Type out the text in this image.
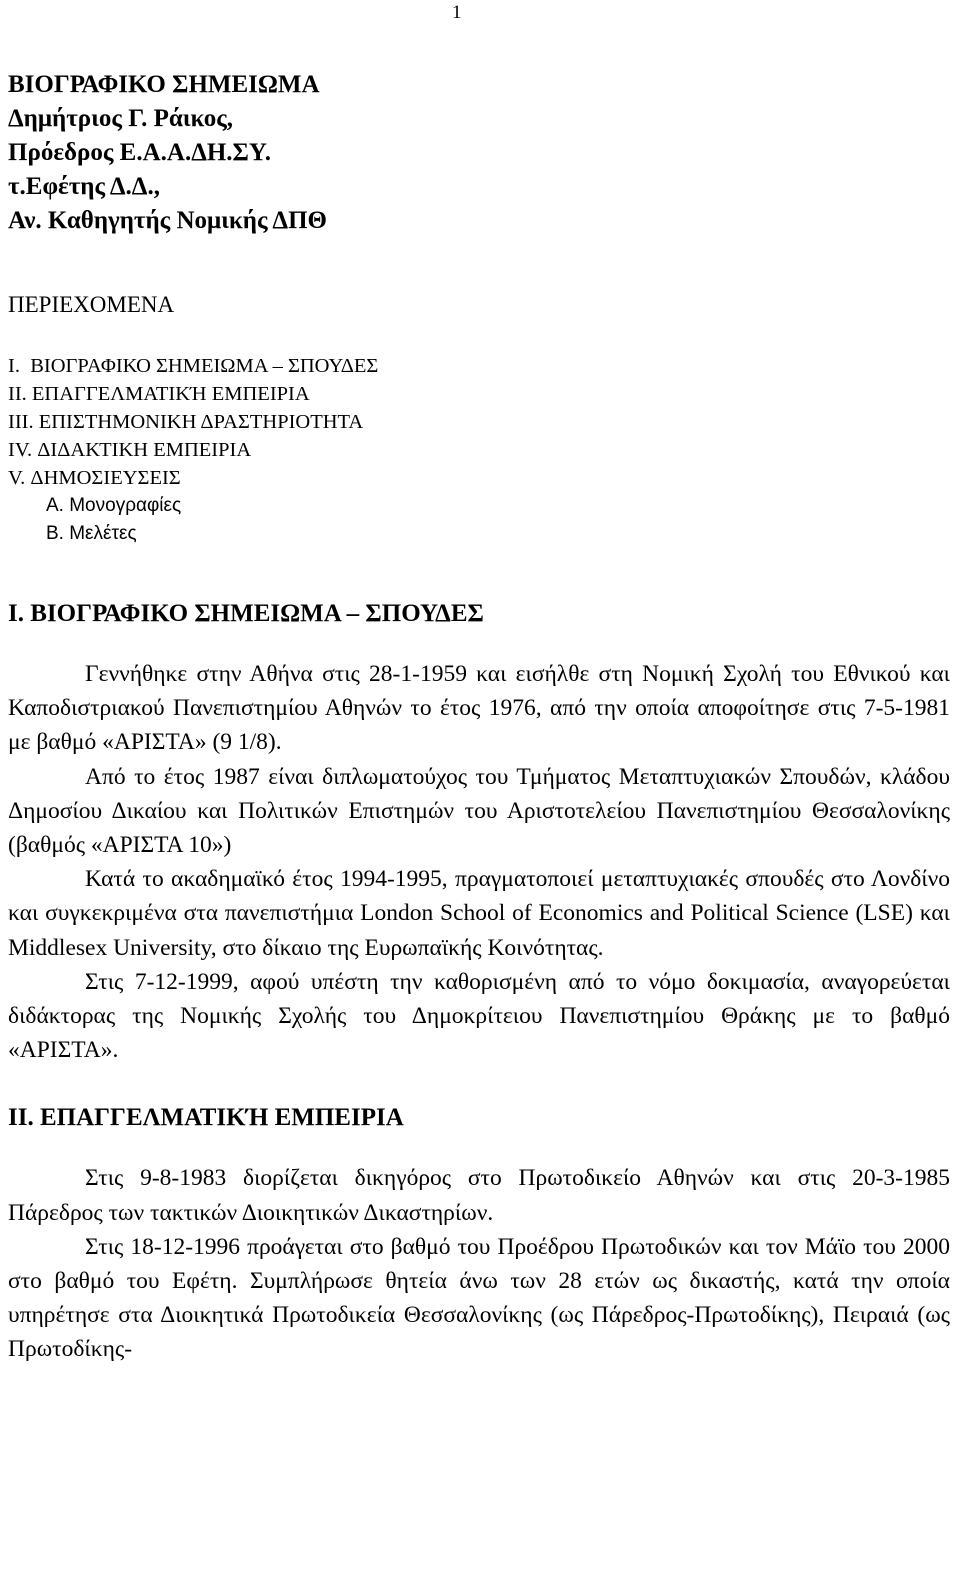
1

ΒΙΟΓΡΑΦΙΚΟ ΣΗΜΕΙΩΜΑ

Δημήτριος Γ. Ράικος,

Πρόεδρος Ε.Α.Α.ΔΗ.ΣΥ.

τ.Εφέτης Δ.Δ.,

Αν. Καθηγητής Νομικής ΔΠΘ

ΠΕΡΙΕΧΟΜΕΝΑ

I.  ΒΙΟΓΡΑΦΙΚΟ ΣΗΜΕΙΩΜΑ – ΣΠΟΥΔΕΣ

II. ΕΠΑΓΓΕΛΜΑΤΙΚΉ ΕΜΠΕΙΡΙΑ

III. ΕΠΙΣΤΗΜΟΝΙΚΗ ΔΡΑΣΤΗΡΙΟΤΗΤΑ

IV. ΔΙΔΑΚΤΙΚΗ ΕΜΠΕΙΡΙΑ

V. ΔΗΜΟΣΙΕΥΣΕΙΣ

Α. Μονογραφίες

Β. Μελέτες

I. ΒΙΟΓΡΑΦΙΚΟ ΣΗΜΕΙΩΜΑ – ΣΠΟΥΔΕΣ

Γεννήθηκε στην Αθήνα στις 28-1-1959 και εισήλθε στη Νομική Σχολή του Εθνικού και Καποδιστριακού Πανεπιστημίου Αθηνών το έτος 1976, από την οποία αποφοίτησε στις 7-5-1981 με βαθμό «ΑΡΙΣΤΑ» (9 1/8).

Από το έτος 1987 είναι διπλωματούχος του Τμήματος Μεταπτυχιακών Σπουδών, κλάδου Δημοσίου Δικαίου και Πολιτικών Επιστημών του Αριστοτελείου Πανεπιστημίου Θεσσαλονίκης (βαθμός «ΑΡΙΣΤΑ 10»)

Κατά το ακαδημαϊκό έτος 1994-1995, πραγματοποιεί μεταπτυχιακές σπουδές στο Λονδίνο και συγκεκριμένα στα πανεπιστήμια London School of Economics and Political Science (LSE) και Middlesex University, στο δίκαιο της Ευρωπαϊκής Κοινότητας.

Στις 7-12-1999, αφού υπέστη την καθορισμένη από το νόμο δοκιμασία, αναγορεύεται διδάκτορας της Νομικής Σχολής του Δημοκρίτειου Πανεπιστημίου Θράκης με το βαθμό «ΑΡΙΣΤΑ».

II. ΕΠΑΓΓΕΛΜΑΤΙΚΉ ΕΜΠΕΙΡΙΑ

Στις 9-8-1983 διορίζεται δικηγόρος στο Πρωτοδικείο Αθηνών και στις 20-3-1985 Πάρεδρος των τακτικών Διοικητικών Δικαστηρίων.

Στις 18-12-1996 προάγεται στο βαθμό του Προέδρου Πρωτοδικών και τον Μάϊο του 2000 στο βαθμό του Εφέτη. Συμπλήρωσε θητεία άνω των 28 ετών ως δικαστής, κατά την οποία υπηρέτησε στα Διοικητικά Πρωτοδικεία Θεσσαλονίκης (ως Πάρεδρος-Πρωτοδίκης), Πειραιά (ως Πρωτοδίκης-
